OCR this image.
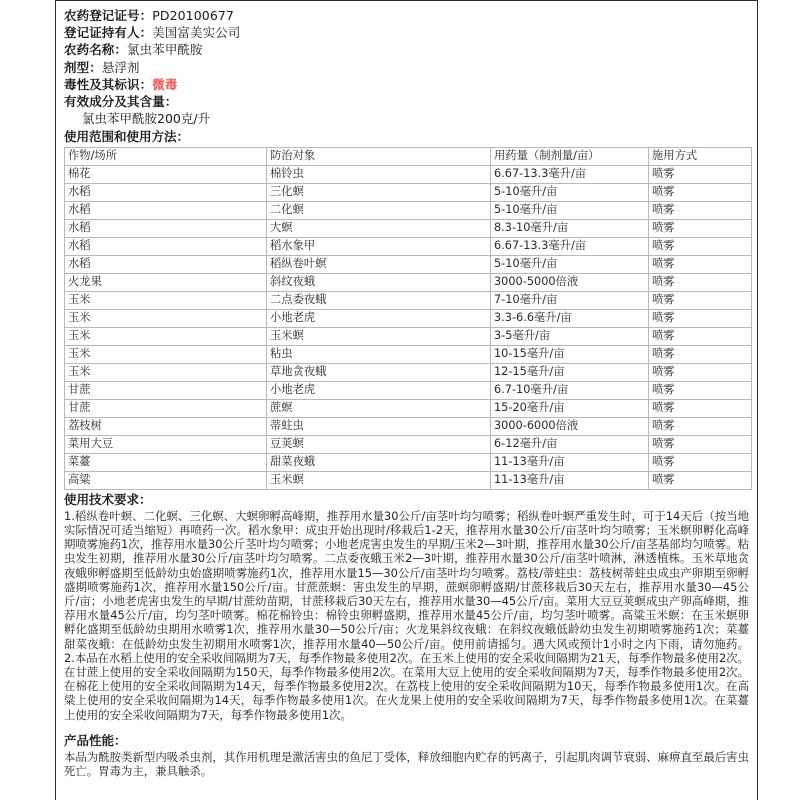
农药登记证号：PD20100677
登记证持有人：美国富美实公司
农药名称：氯虫苯甲酰胺
剂型：悬浮剂
毒性及其标识：微毒
有效成分及其含量：
氯虫苯甲酰胺200克/升
使用范围和使用方法：
作物/场所	防治对象	用药量（制剂量/亩）	施用方式
棉花	棉铃虫	6.67-13.3毫升/亩	喷雾
水稻	三化螟	5-10毫升/亩	喷雾
水稻	二化螟	5-10毫升/亩	喷雾
水稻	大螟	8.3-10毫升/亩	喷雾
水稻	稻水象甲	6.67-13.3毫升/亩	喷雾
水稻	稻纵卷叶螟	5-10毫升/亩	喷雾
火龙果	斜纹夜蛾	3000-5000倍液	喷雾
玉米	二点委夜蛾	7-10毫升/亩	喷雾
玉米	小地老虎	3.3-6.6毫升/亩	喷雾
玉米	玉米螟	3-5毫升/亩	喷雾
玉米	粘虫	10-15毫升/亩	喷雾
玉米	草地贪夜蛾	12-15毫升/亩	喷雾
甘蔗	小地老虎	6.7-10毫升/亩	喷雾
甘蔗	蔗螟	15-20毫升/亩	喷雾
荔枝树	蒂蛀虫	3000-6000倍液	喷雾
菜用大豆	豆荚螟	6-12毫升/亩	喷雾
菜薹	甜菜夜蛾	11-13毫升/亩	喷雾
高粱	玉米螟	11-13毫升/亩	喷雾
使用技术要求：
1.稻纵卷叶螟、二化螟、三化螟、大螟卵孵高峰期，推荐用水量30公斤/亩茎叶均匀喷雾；稻纵卷叶螟严重发生时，可于14天后（按当地实际情况可适当缩短）再喷药一次。稻水象甲：成虫开始出现时/移栽后1-2天，推荐用水量30公斤/亩茎叶均匀喷雾；玉米螟卵孵化高峰期喷雾施药1次，推荐用水量30公斤茎叶均匀喷雾；小地老虎害虫发生的早期/玉米2—3叶期，推荐用水量30公斤/亩茎基部均匀喷雾。粘虫发生初期，推荐用水量30公斤/亩茎叶均匀喷雾。二点委夜蛾玉米2—3叶期，推荐用水量30公斤/亩茎叶喷淋，淋透植株。玉米草地贪夜蛾卵孵盛期至低龄幼虫始盛期喷雾施药1次，推荐用水量15—30公斤/亩茎叶均匀喷雾。荔枝/蒂蛀虫：荔枝树蒂蛀虫成虫产卵期至卵孵盛期喷雾施药1次，推荐用水量150公斤/亩。甘蔗蔗螟：害虫发生的早期，蔗螟卵孵盛期/甘蔗移栽后30天左右，推荐用水量30—45公斤/亩；小地老虎害虫发生的早期/甘蔗幼苗期，甘蔗移栽后30天左右，推荐用水量30—45公斤/亩。菜用大豆豆荚螟成虫产卵高峰期，推荐用水量45公斤/亩，均匀茎叶喷雾。棉花棉铃虫：棉铃虫卵孵盛期，推荐用水量45公斤/亩，均匀茎叶喷雾。高粱玉米螟：在玉米螟卵孵化盛期至低龄幼虫期用水喷雾1次，推荐用水量30—50公斤/亩；火龙果斜纹夜蛾：在斜纹夜蛾低龄幼虫发生初期喷雾施药1次；菜薹甜菜夜蛾：在低龄幼虫发生初期用水喷雾1次，推荐用水量40—50公斤/亩。使用前请摇匀。遇大风或预计1小时之内下雨，请勿施药。 2.本品在水稻上使用的安全采收间隔期为7天，每季作物最多使用2次。在玉米上使用的安全采收间隔期为21天，每季作物最多使用2次。在甘蔗上使用的安全采收间隔期为150天，每季作物最多使用2次。在菜用大豆上使用的安全采收间隔期为7天，每季作物最多使用2次。在棉花上使用的安全采收间隔期为14天，每季作物最多使用2次。在荔枝上使用的安全采收间隔期为10天，每季作物最多使用1次。在高粱上使用的安全采收间隔期为14天，每季作物最多使用1次。在火龙果上使用的安全采收间隔期为7天，每季作物最多使用1次。在菜薹上使用的安全采收间隔期为7天，每季作物最多使用1次。
产品性能：
本品为酰胺类新型内吸杀虫剂，其作用机理是激活害虫的鱼尼丁受体，释放细胞内贮存的钙离子，引起肌肉调节衰弱、麻痹直至最后害虫死亡。胃毒为主，兼具触杀。
